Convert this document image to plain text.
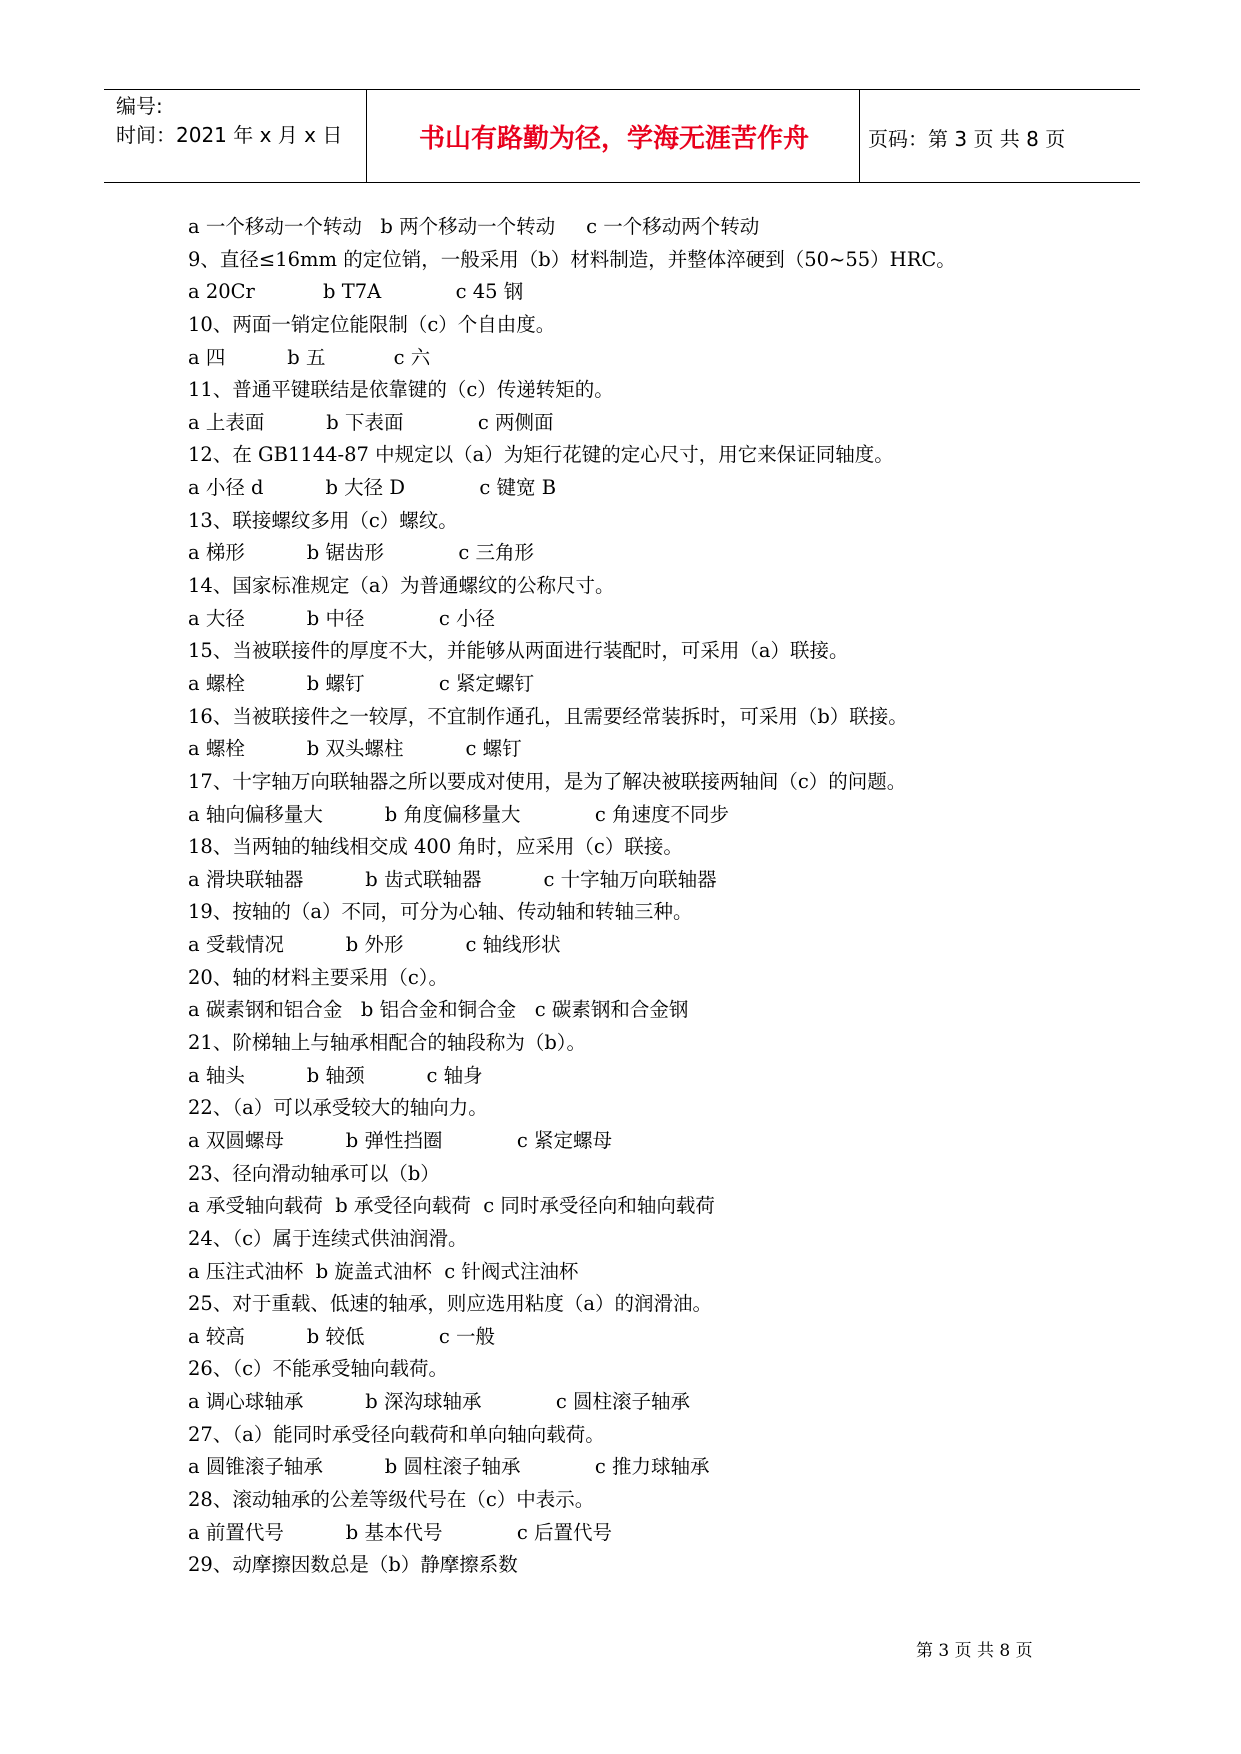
编号:
时间：2021 年 x 月 x 日	书山有路勤为径，学海无涯苦作舟	页码：第 3 页 共 8 页
a 一个移动一个转动   b 两个移动一个转动     c 一个移动两个转动
9、直径≤16mm 的定位销，一般采用（b）材料制造，并整体淬硬到（50~55）HRC。
a 20Cr           b T7A            c 45 钢
10、两面一销定位能限制（c）个自由度。
a 四          b 五           c 六
11、普通平键联结是依靠键的（c）传递转矩的。
a 上表面          b 下表面            c 两侧面
12、在 GB1144-87 中规定以（a）为矩行花键的定心尺寸，用它来保证同轴度。
a 小径 d          b 大径 D            c 键宽 B
13、联接螺纹多用（c）螺纹。
a 梯形          b 锯齿形            c 三角形
14、国家标准规定（a）为普通螺纹的公称尺寸。
a 大径          b 中径            c 小径
15、当被联接件的厚度不大，并能够从两面进行装配时，可采用（a）联接。
a 螺栓          b 螺钉            c 紧定螺钉
16、当被联接件之一较厚，不宜制作通孔，且需要经常装拆时，可采用（b）联接。
a 螺栓          b 双头螺柱          c 螺钉
17、十字轴万向联轴器之所以要成对使用，是为了解决被联接两轴间（c）的问题。
a 轴向偏移量大          b 角度偏移量大            c 角速度不同步
18、当两轴的轴线相交成 400 角时，应采用（c）联接。
a 滑块联轴器          b 齿式联轴器          c 十字轴万向联轴器
19、按轴的（a）不同，可分为心轴、传动轴和转轴三种。
a 受载情况          b 外形          c 轴线形状
20、轴的材料主要采用（c）。
a 碳素钢和铝合金   b 铝合金和铜合金   c 碳素钢和合金钢
21、阶梯轴上与轴承相配合的轴段称为（b）。
a 轴头          b 轴颈          c 轴身
22、（a）可以承受较大的轴向力。
a 双圆螺母          b 弹性挡圈            c 紧定螺母
23、径向滑动轴承可以（b）
a 承受轴向载荷  b 承受径向载荷  c 同时承受径向和轴向载荷
24、（c）属于连续式供油润滑。
a 压注式油杯  b 旋盖式油杯  c 针阀式注油杯
25、对于重载、低速的轴承，则应选用粘度（a）的润滑油。
a 较高          b 较低            c 一般
26、（c）不能承受轴向载荷。
a 调心球轴承          b 深沟球轴承            c 圆柱滚子轴承
27、（a）能同时承受径向载荷和单向轴向载荷。
a 圆锥滚子轴承          b 圆柱滚子轴承            c 推力球轴承
28、滚动轴承的公差等级代号在（c）中表示。
a 前置代号          b 基本代号            c 后置代号
29、动摩擦因数总是（b）静摩擦系数
第 3 页 共 8 页
